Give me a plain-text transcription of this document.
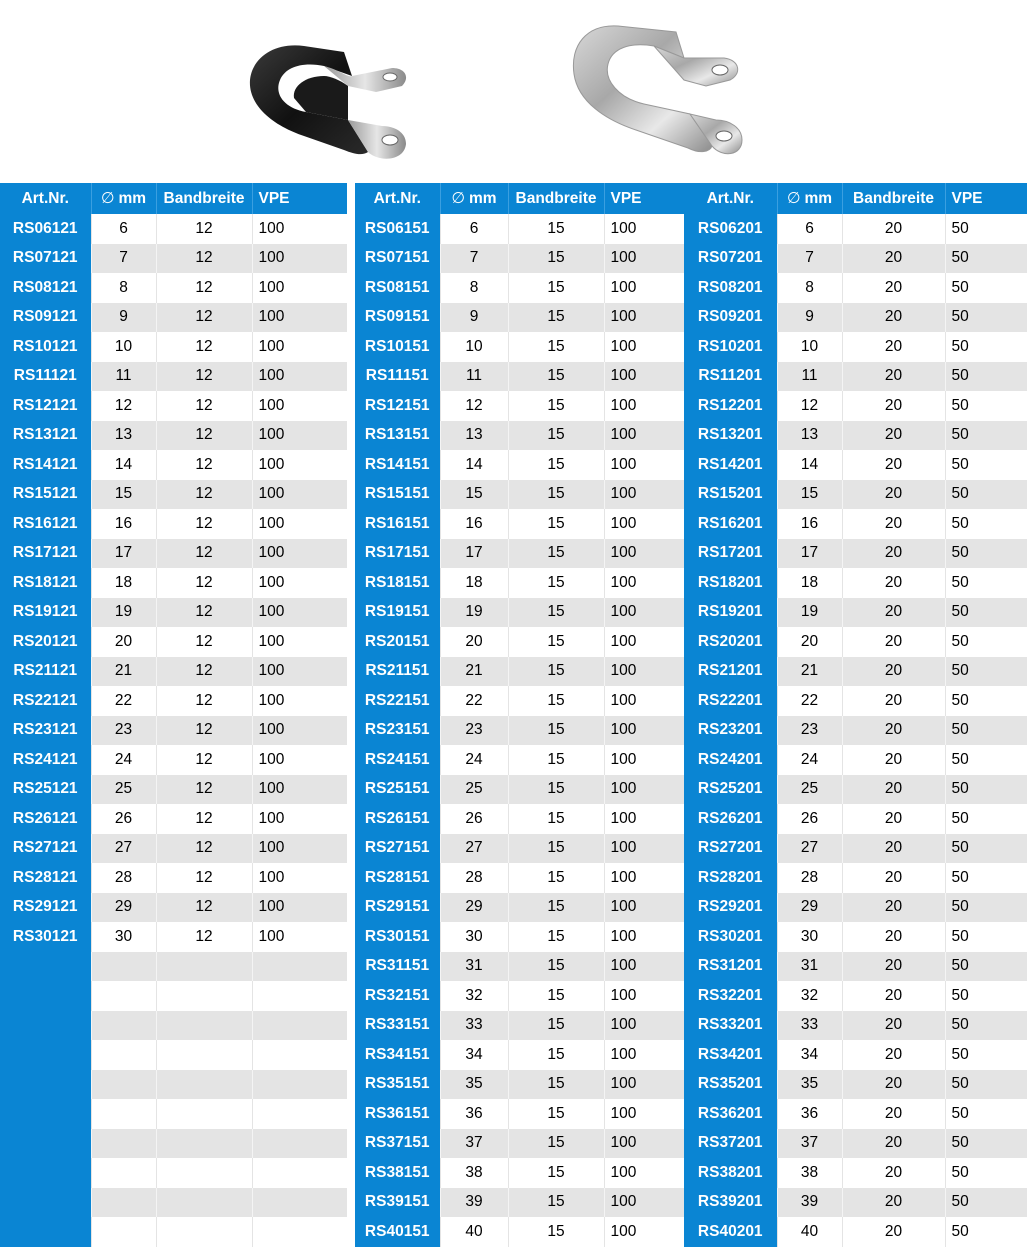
Art.Nr.	∅ mm	Bandbreite	VPE
RS06121	6	12	100
RS07121	7	12	100
RS08121	8	12	100
RS09121	9	12	100
RS10121	10	12	100
RS11121	11	12	100
RS12121	12	12	100
RS13121	13	12	100
RS14121	14	12	100
RS15121	15	12	100
RS16121	16	12	100
RS17121	17	12	100
RS18121	18	12	100
RS19121	19	12	100
RS20121	20	12	100
RS21121	21	12	100
RS22121	22	12	100
RS23121	23	12	100
RS24121	24	12	100
RS25121	25	12	100
RS26121	26	12	100
RS27121	27	12	100
RS28121	28	12	100
RS29121	29	12	100
RS30121	30	12	100

Art.Nr.	∅ mm	Bandbreite	VPE
RS06151	6	15	100
RS07151	7	15	100
RS08151	8	15	100
RS09151	9	15	100
RS10151	10	15	100
RS11151	11	15	100
RS12151	12	15	100
RS13151	13	15	100
RS14151	14	15	100
RS15151	15	15	100
RS16151	16	15	100
RS17151	17	15	100
RS18151	18	15	100
RS19151	19	15	100
RS20151	20	15	100
RS21151	21	15	100
RS22151	22	15	100
RS23151	23	15	100
RS24151	24	15	100
RS25151	25	15	100
RS26151	26	15	100
RS27151	27	15	100
RS28151	28	15	100
RS29151	29	15	100
RS30151	30	15	100
RS31151	31	15	100
RS32151	32	15	100
RS33151	33	15	100
RS34151	34	15	100
RS35151	35	15	100
RS36151	36	15	100
RS37151	37	15	100
RS38151	38	15	100
RS39151	39	15	100
RS40151	40	15	100
Art.Nr.	∅ mm	Bandbreite	VPE
RS06201	6	20	50
RS07201	7	20	50
RS08201	8	20	50
RS09201	9	20	50
RS10201	10	20	50
RS11201	11	20	50
RS12201	12	20	50
RS13201	13	20	50
RS14201	14	20	50
RS15201	15	20	50
RS16201	16	20	50
RS17201	17	20	50
RS18201	18	20	50
RS19201	19	20	50
RS20201	20	20	50
RS21201	21	20	50
RS22201	22	20	50
RS23201	23	20	50
RS24201	24	20	50
RS25201	25	20	50
RS26201	26	20	50
RS27201	27	20	50
RS28201	28	20	50
RS29201	29	20	50
RS30201	30	20	50
RS31201	31	20	50
RS32201	32	20	50
RS33201	33	20	50
RS34201	34	20	50
RS35201	35	20	50
RS36201	36	20	50
RS37201	37	20	50
RS38201	38	20	50
RS39201	39	20	50
RS40201	40	20	50
